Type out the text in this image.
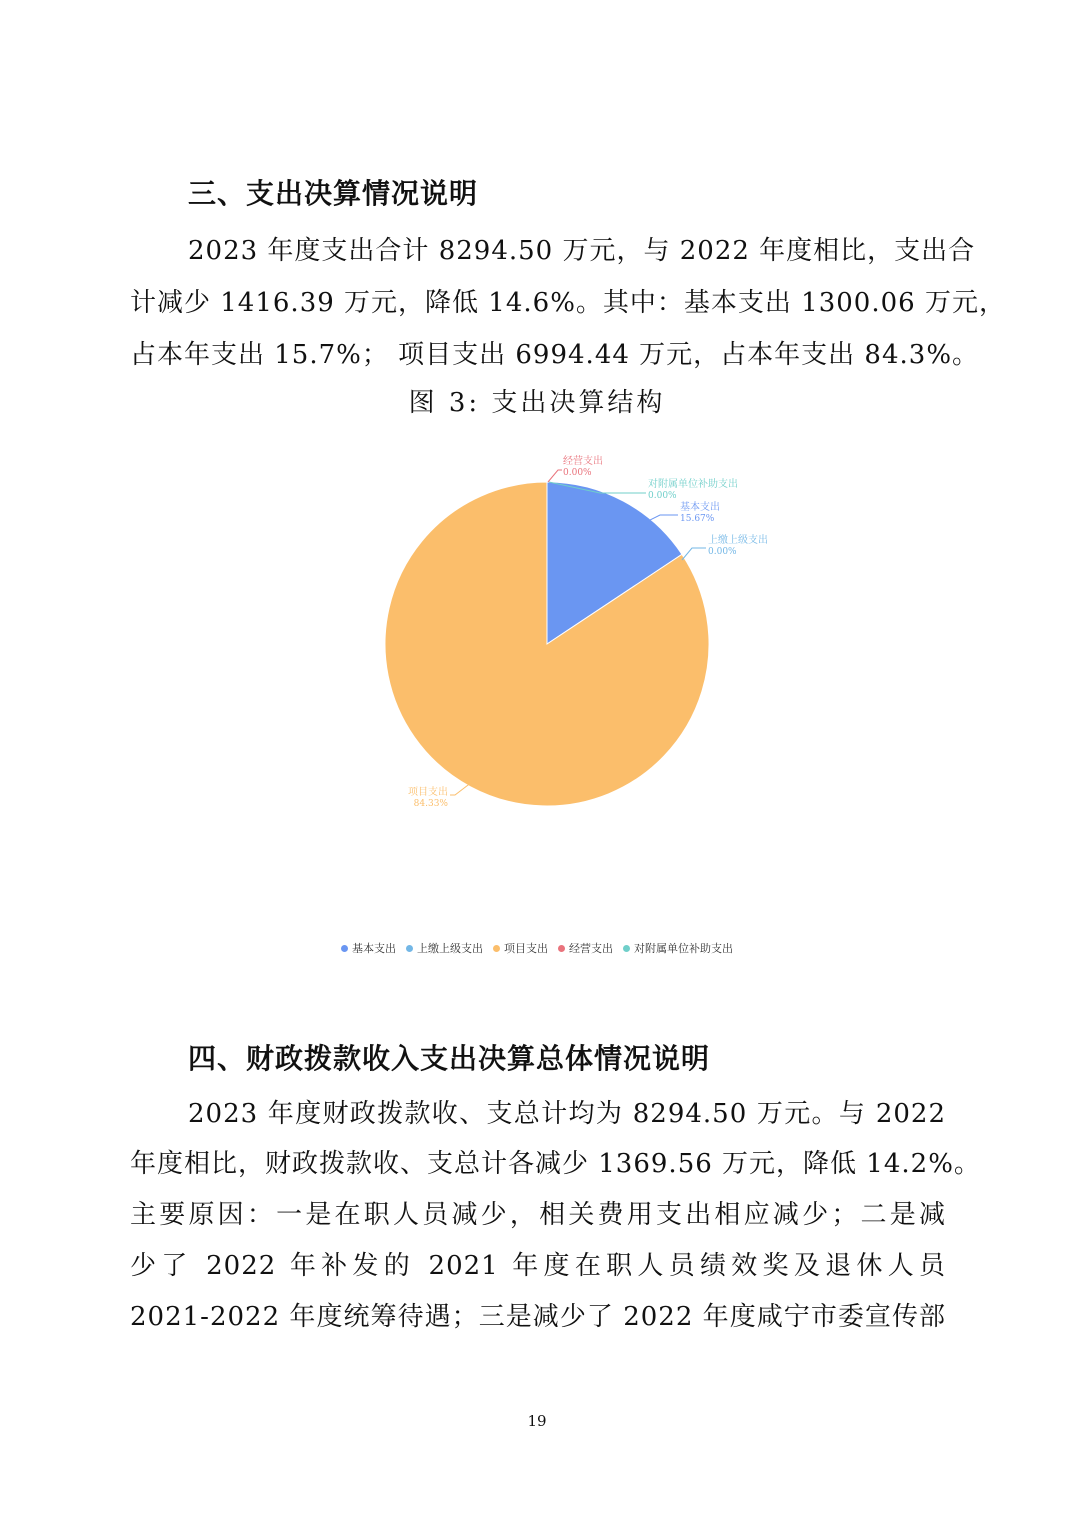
三、支出决算情况说明
2023 年度支出合计 8294.50 万元，与 2022 年度相比，支出合
计减少 1416.39 万元，降低 14.6%。其中：基本支出 1300.06 万元，
占本年支出 15.7%； 项目支出 6994.44 万元，占本年支出 84.3%。
图 3: 支出决算结构
基本支出
15.67%
上缴上级支出
0.00%
项目支出
84.33%
经营支出
0.00%
对附属单位补助支出
0.00%
基本支出 上缴上级支出 项目支出 经营支出 对附属单位补助支出
四、财政拨款收入支出决算总体情况说明
2023 年度财政拨款收、支总计均为 8294.50 万元。与 2022
年度相比，财政拨款收、支总计各减少 1369.56 万元，降低 14.2%。
主要原因：一是在职人员减少，相关费用支出相应减少；二是减
少了 2022 年补发的 2021 年度在职人员绩效奖及退休人员
2021-2022 年度统筹待遇；三是减少了 2022 年度咸宁市委宣传部
19
